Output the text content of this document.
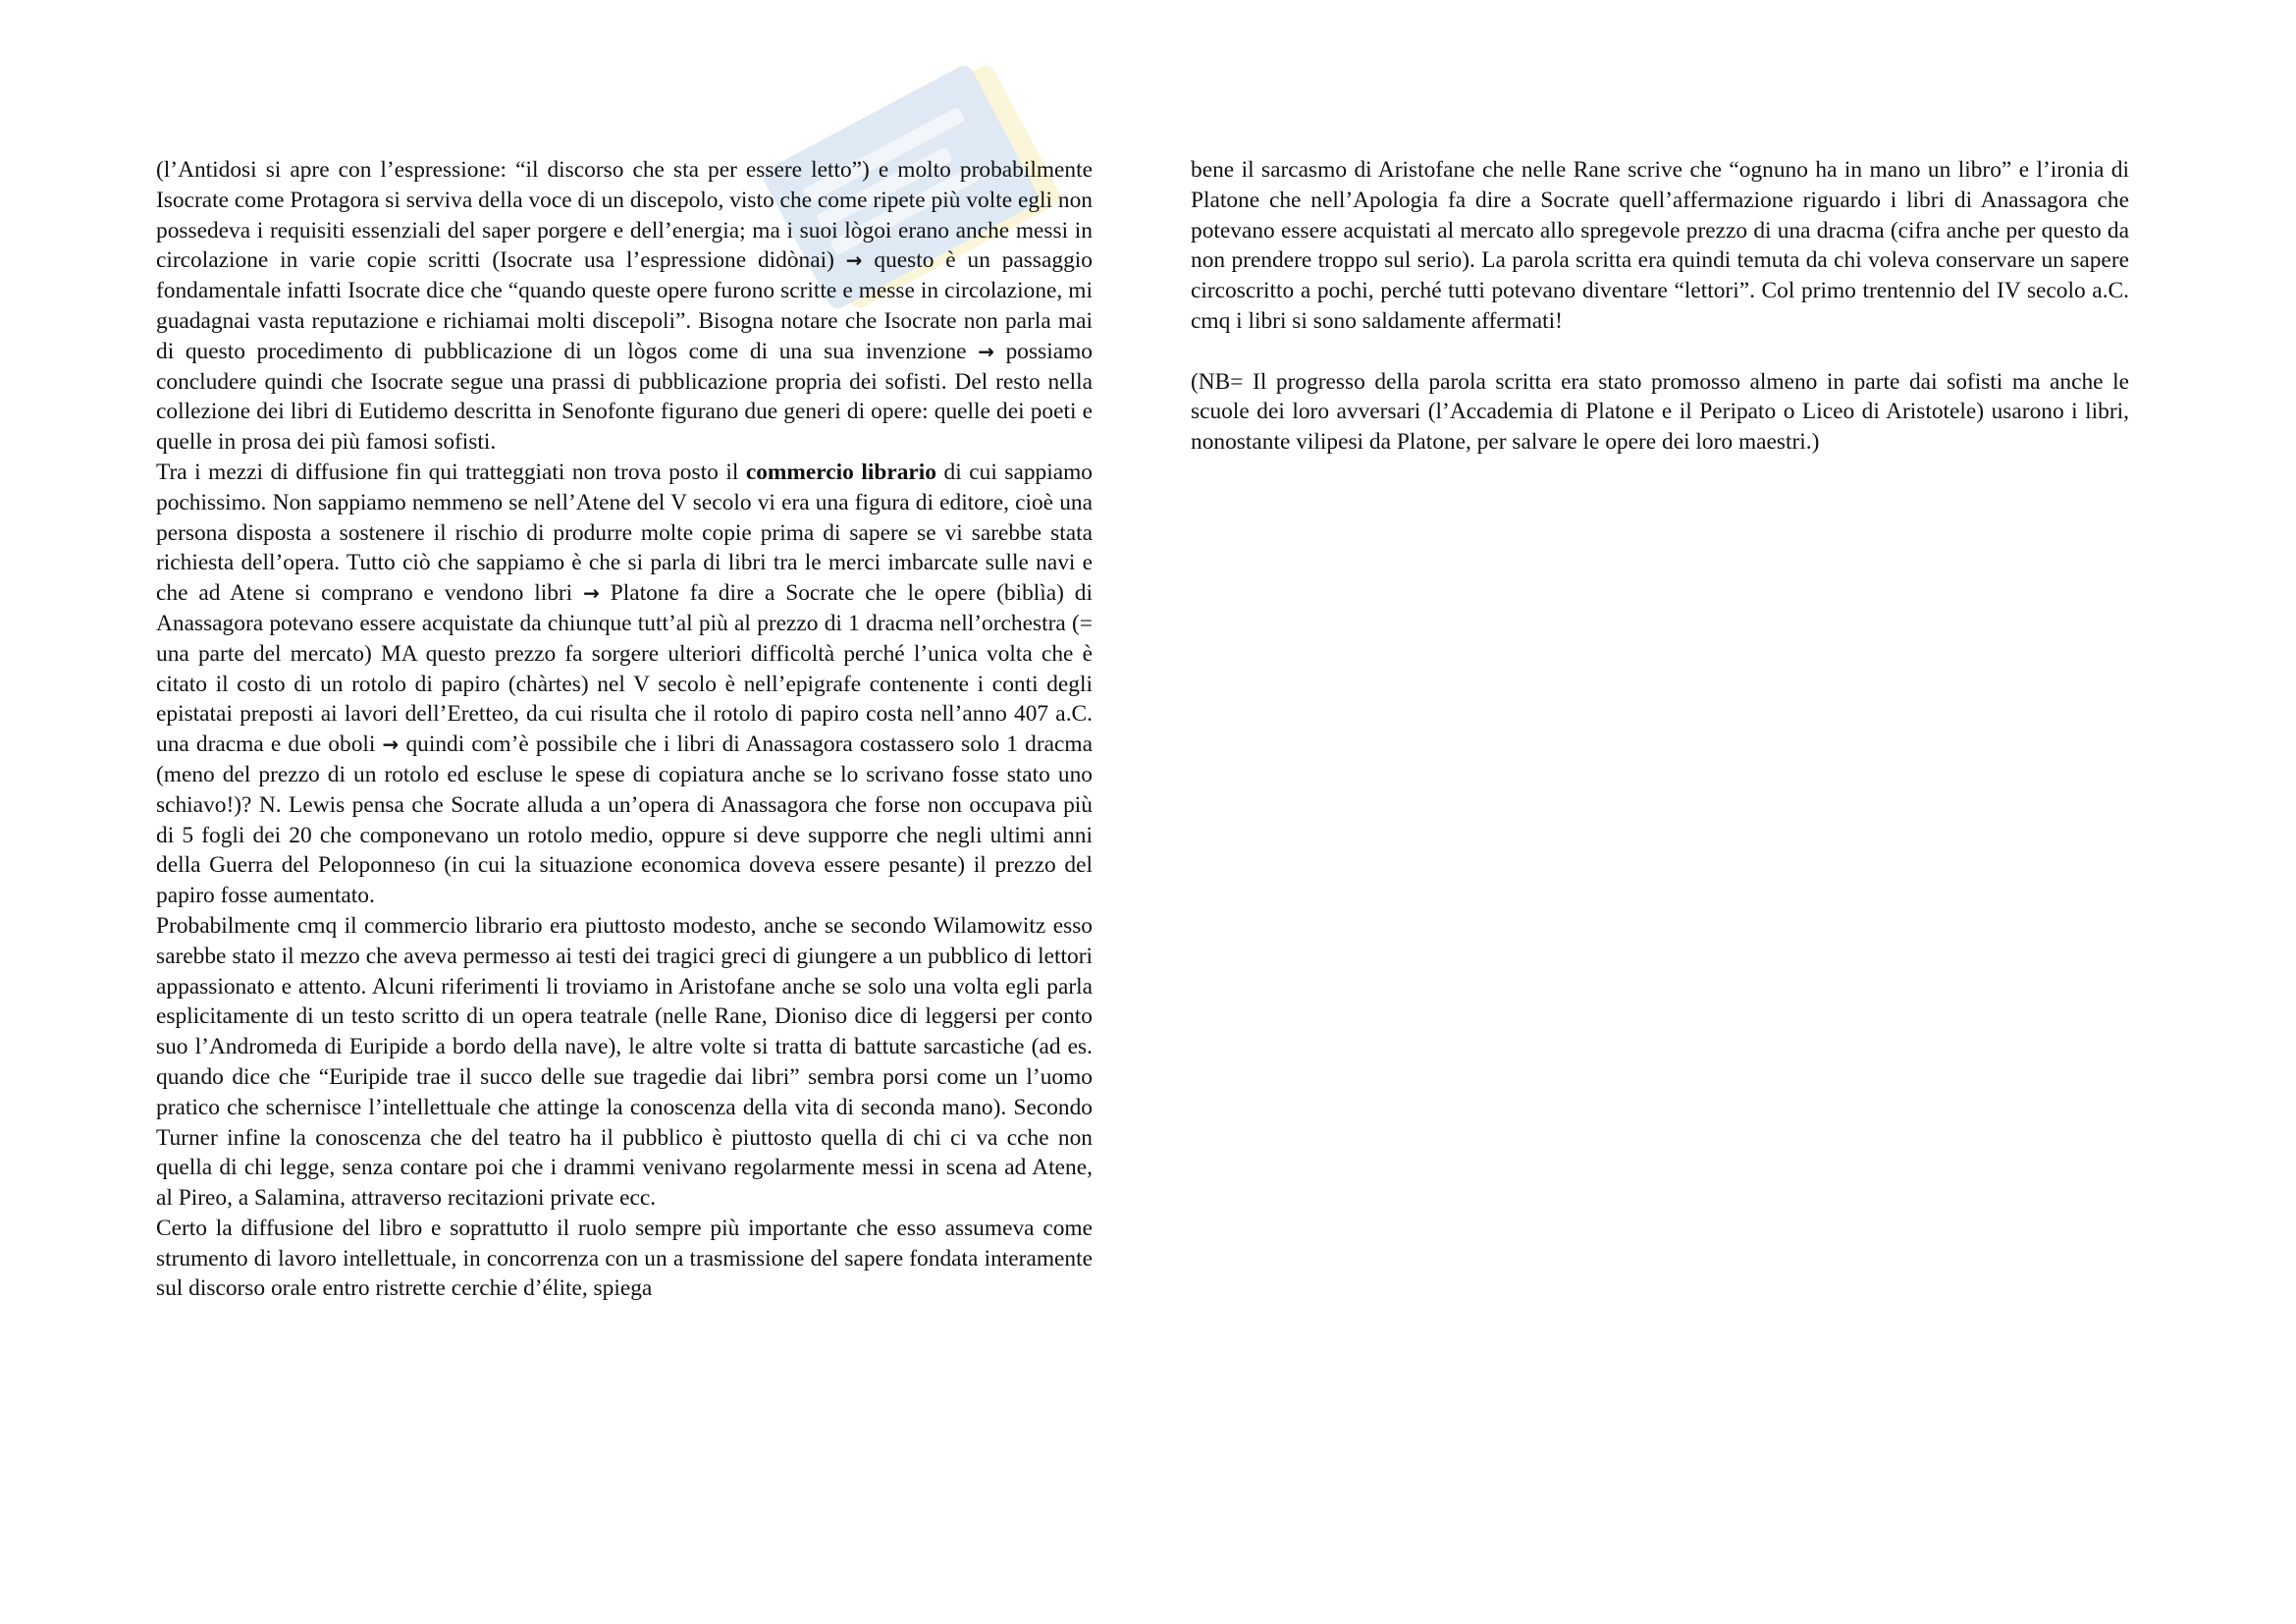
(l’Antidosi si apre con l’espressione: “il discorso che sta per essere letto”) e molto probabilmente Isocrate come Protagora si serviva della voce di un discepolo, visto che come ripete più volte egli non possedeva i requisiti essenziali del saper porgere e dell’energia; ma i suoi lògoi erano anche messi in circolazione in varie copie scritti (Isocrate usa l’espressione didònai) → questo è un passaggio fondamentale infatti Isocrate dice che “quando queste opere furono scritte e messe in circolazione, mi guadagnai vasta reputazione e richiamai molti discepoli”. Bisogna notare che Isocrate non parla mai di questo procedimento di pubblicazione di un lògos come di una sua invenzione → possiamo concludere quindi che Isocrate segue una prassi di pubblicazione propria dei sofisti. Del resto nella collezione dei libri di Eutidemo descritta in Senofonte figurano due generi di opere: quelle dei poeti e quelle in prosa dei più famosi sofisti.

Tra i mezzi di diffusione fin qui tratteggiati non trova posto il commercio librario di cui sappiamo pochissimo. Non sappiamo nemmeno se nell’Atene del V secolo vi era una figura di editore, cioè una persona disposta a sostenere il rischio di produrre molte copie prima di sapere se vi sarebbe stata richiesta dell’opera. Tutto ciò che sappiamo è che si parla di libri tra le merci imbarcate sulle navi e che ad Atene si comprano e vendono libri → Platone fa dire a Socrate che le opere (biblìa) di Anassagora potevano essere acquistate da chiunque tutt’al più al prezzo di 1 dracma nell’orchestra (= una parte del mercato) MA questo prezzo fa sorgere ulteriori difficoltà perché l’unica volta che è citato il costo di un rotolo di papiro (chàrtes) nel V secolo è nell’epigrafe contenente i conti degli epistatai preposti ai lavori dell’Eretteo, da cui risulta che il rotolo di papiro costa nell’anno 407 a.C. una dracma e due oboli → quindi com’è possibile che i libri di Anassagora costassero solo 1 dracma (meno del prezzo di un rotolo ed escluse le spese di copiatura anche se lo scrivano fosse stato uno schiavo!)? N. Lewis pensa che Socrate alluda a un’opera di Anassagora che forse non occupava più di 5 fogli dei 20 che componevano un rotolo medio, oppure si deve supporre che negli ultimi anni della Guerra del Peloponneso (in cui la situazione economica doveva essere pesante) il prezzo del papiro fosse aumentato.

Probabilmente cmq il commercio librario era piuttosto modesto, anche se secondo Wilamowitz esso sarebbe stato il mezzo che aveva permesso ai testi dei tragici greci di giungere a un pubblico di lettori appassionato e attento. Alcuni riferimenti li troviamo in Aristofane anche se solo una volta egli parla esplicitamente di un testo scritto di un opera teatrale (nelle Rane, Dioniso dice di leggersi per conto suo l’Andromeda di Euripide a bordo della nave), le altre volte si tratta di battute sarcastiche (ad es. quando dice che “Euripide trae il succo delle sue tragedie dai libri” sembra porsi come un l’uomo pratico che schernisce l’intellettuale che attinge la conoscenza della vita di seconda mano). Secondo Turner infine la conoscenza che del teatro ha il pubblico è piuttosto quella di chi ci va cche non quella di chi legge, senza contare poi che i drammi venivano regolarmente messi in scena ad Atene, al Pireo, a Salamina, attraverso recitazioni private ecc.

Certo la diffusione del libro e soprattutto il ruolo sempre più importante che esso assumeva come strumento di lavoro intellettuale, in concorrenza con un a trasmissione del sapere fondata interamente sul discorso orale entro ristrette cerchie d’élite, spiega

bene il sarcasmo di Aristofane che nelle Rane scrive che “ognuno ha in mano un libro” e l’ironia di Platone che nell’Apologia fa dire a Socrate quell’affermazione riguardo i libri di Anassagora che potevano essere acquistati al mercato allo spregevole prezzo di una dracma (cifra anche per questo da non prendere troppo sul serio). La parola scritta era quindi temuta da chi voleva conservare un sapere circoscritto a pochi, perché tutti potevano diventare “lettori”. Col primo trentennio del IV secolo a.C. cmq i libri si sono saldamente affermati!

(NB= Il progresso della parola scritta era stato promosso almeno in parte dai sofisti ma anche le scuole dei loro avversari (l’Accademia di Platone e il Peripato o Liceo di Aristotele) usarono i libri, nonostante vilipesi da Platone, per salvare le opere dei loro maestri.)
